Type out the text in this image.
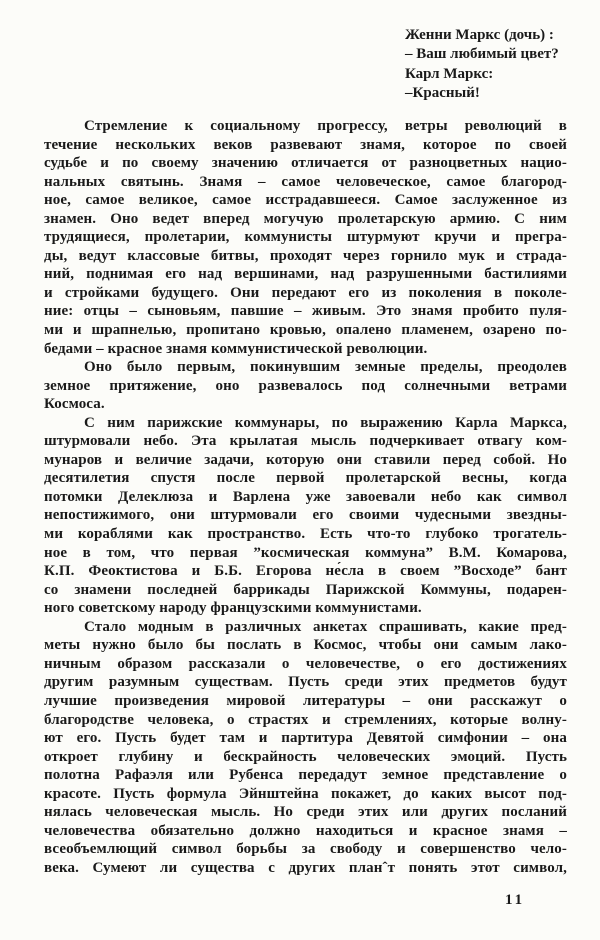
Женни Маркс (дочь) :
– Ваш любимый цвет?
Карл Маркс:
–Красный!
Стремление к социальному прогрессу, ветры революций в
течение нескольких веков развевают знамя, которое по своей
судьбе и по своему значению отличается от разноцветных нацио-
нальных святынь. Знамя – самое человеческое, самое благород-
ное, самое великое, самое исстрадавшееся. Самое заслуженное из
знамен. Оно ведет вперед могучую пролетарскую армию. С ним
трудящиеся, пролетарии, коммунисты штурмуют кручи и прегра-
ды, ведут классовые битвы, проходят через горнило мук и страда-
ний, поднимая его над вершинами, над разрушенными бастилиями
и стройками будущего. Они передают его из поколения в поколе-
ние: отцы – сыновьям, павшие – живым. Это знамя пробито пуля-
ми и шрапнелью, пропитано кровью, опалено пламенем, озарено по-
бедами – красное знамя коммунистической революции.
Оно было первым, покинувшим земные пределы, преодолев
земное притяжение, оно развевалось под солнечными ветрами
Космоса.
С ним парижские коммунары, по выражению Карла Маркса,
штурмовали небо. Эта крылатая мысль подчеркивает отвагу ком-
мунаров и величие задачи, которую они ставили перед собой. Но
десятилетия спустя после первой пролетарской весны, когда
потомки Делеклюза и Варлена уже завоевали небо как символ
непостижимого, они штурмовали его своими чудесными звездны-
ми кораблями как пространство. Есть что-то глубоко трогатель-
ное в том, что первая ”космическая коммуна” В.М. Комарова,
К.П. Феоктистова и Б.Б. Егорова не́сла в своем ”Восходе” бант
со знамени последней баррикады Парижской Коммуны, подарен-
ного советскому народу французскими коммунистами.
Стало модным в различных анкетах спрашивать, какие пред-
меты нужно было бы послать в Космос, чтобы они самым лако-
ничным образом рассказали о человечестве, о его достижениях
другим разумным существам. Пусть среди этих предметов будут
лучшие произведения мировой литературы – они расскажут о
благородстве человека, о страстях и стремлениях, которые волну-
ют его. Пусть будет там и партитура Девятой симфонии – она
откроет глубину и бескрайность человеческих эмоций. Пусть
полотна Рафаэля или Рубенса передадут земное представление о
красоте. Пусть формула Эйнштейна покажет, до каких высот под-
нялась человеческая мысль. Но среди этих или других посланий
человечества обязательно должно находиться и красное знамя –
всеобъемлющий символ борьбы за свободу и совершенство чело-
века. Сумеют ли существа с других планˆт понять этот символ,
11
